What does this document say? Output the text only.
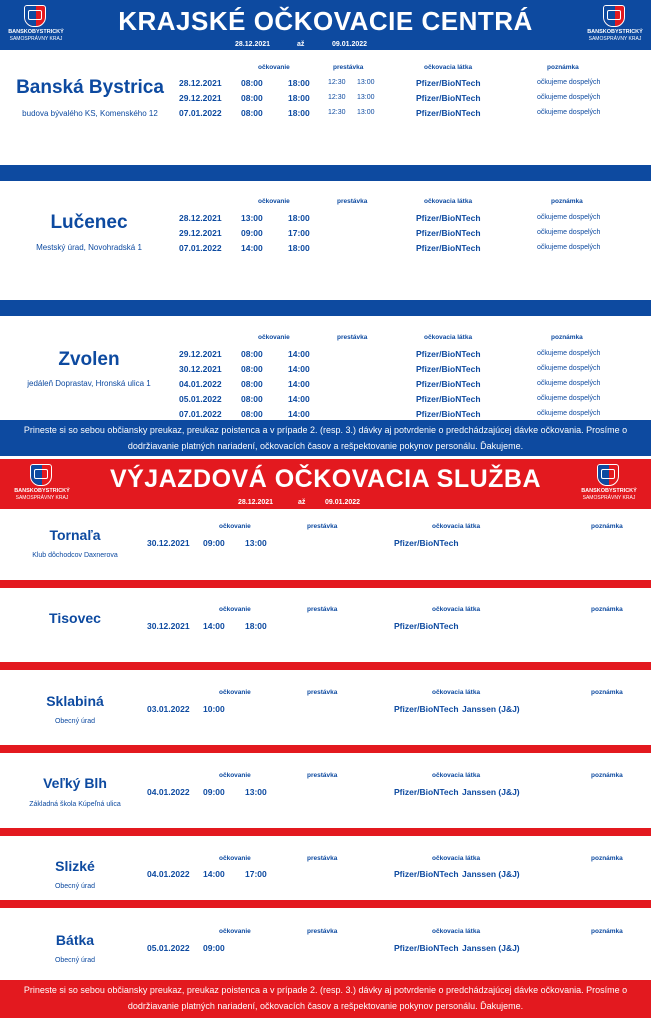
BANSKOBYSTRICKÝ
SAMOSPRÁVNY KRAJ
BANSKOBYSTRICKÝ
SAMOSPRÁVNY KRAJ
KRAJSKÉ OČKOVACIE CENTRÁ
28.12.2021	až	09.01.2022
Banská Bystrica
budova bývalého KS, Komenského 12
očkovanie	prestávka	očkovacia látka	poznámka
28.12.2021 08:00	18:00	12:30 13:00	Pfizer/BioNTech	očkujeme dospelých
29.12.2021 08:00	18:00	12:30 13:00	Pfizer/BioNTech	očkujeme dospelých
07.01.2022 08:00	18:00	12:30 13:00	Pfizer/BioNTech	očkujeme dospelých
Lučenec
Mestský úrad, Novohradská 1
očkovanie	prestávka	očkovacia látka	poznámka
28.12.2021 13:00	18:00	Pfizer/BioNTech	očkujeme dospelých
29.12.2021 09:00	17:00	Pfizer/BioNTech	očkujeme dospelých
07.01.2022 14:00	18:00	Pfizer/BioNTech	očkujeme dospelých
Zvolen
jedáleň Doprastav, Hronská ulica 1
očkovanie	prestávka	očkovacia látka	poznámka
29.12.2021 08:00	14:00	Pfizer/BioNTech	očkujeme dospelých
30.12.2021 08:00	14:00	Pfizer/BioNTech	očkujeme dospelých
04.01.2022 08:00	14:00	Pfizer/BioNTech	očkujeme dospelých
05.01.2022 08:00	14:00	Pfizer/BioNTech	očkujeme dospelých
07.01.2022 08:00	14:00	Pfizer/BioNTech	očkujeme dospelých
Prineste si so sebou občiansky preukaz, preukaz poistenca a v prípade 2. (resp. 3.) dávky aj potvrdenie o predchádzajúcej dávke očkovania. Prosíme o dodržiavanie platných nariadení, očkovacích časov a rešpektovanie pokynov personálu. Ďakujeme.
BANSKOBYSTRICKÝ
SAMOSPRÁVNY KRAJ
BANSKOBYSTRICKÝ
SAMOSPRÁVNY KRAJ
VÝJAZDOVÁ OČKOVACIA SLUŽBA
28.12.2021	až	09.01.2022
Tornaľa
Klub dôchodcov Daxnerova
očkovanie	prestávka	očkovacia látka	poznámka
30.12.2021 09:00 13:00	Pfizer/BioNTech
Tisovec
očkovanie	prestávka	očkovacia látka	poznámka
30.12.2021 14:00 18:00	Pfizer/BioNTech
Sklabiná
Obecný úrad
očkovanie	prestávka	očkovacia látka	poznámka
03.01.2022 10:00	Pfizer/BioNTech Janssen (J&J)
Veľký Blh
Základná škola Kúpeľná ulica
očkovanie	prestávka	očkovacia látka	poznámka
04.01.2022 09:00 13:00	Pfizer/BioNTech Janssen (J&J)
Slizké
Obecný úrad
očkovanie	prestávka	očkovacia látka	poznámka
04.01.2022 14:00 17:00	Pfizer/BioNTech Janssen (J&J)
Bátka
Obecný úrad
očkovanie	prestávka	očkovacia látka	poznámka
05.01.2022 09:00	Pfizer/BioNTech Janssen (J&J)
Prineste si so sebou občiansky preukaz, preukaz poistenca a v prípade 2. (resp. 3.) dávky aj potvrdenie o predchádzajúcej dávke očkovania. Prosíme o dodržiavanie platných nariadení, očkovacích časov a rešpektovanie pokynov personálu. Ďakujeme.
